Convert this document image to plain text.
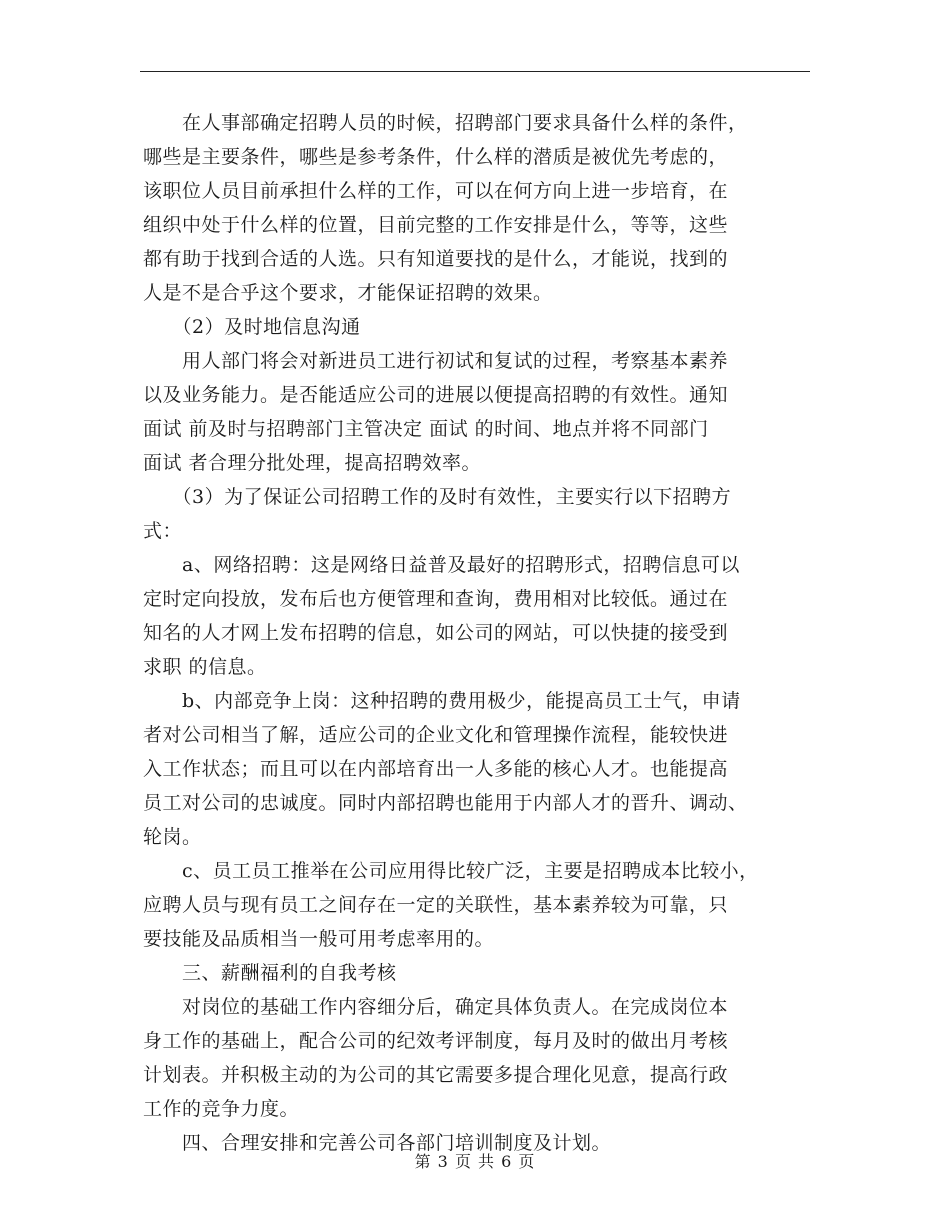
　　在人事部确定招聘人员的时候，招聘部门要求具备什么样的条件，
哪些是主要条件，哪些是参考条件，什么样的潜质是被优先考虑的，
该职位人员目前承担什么样的工作，可以在何方向上进一步培育，在
组织中处于什么样的位置，目前完整的工作安排是什么，等等，这些
都有助于找到合适的人选。只有知道要找的是什么，才能说，找到的
人是不是合乎这个要求，才能保证招聘的效果。
　　（2）及时地信息沟通
　　用人部门将会对新进员工进行初试和复试的过程，考察基本素养
以及业务能力。是否能适应公司的进展以便提高招聘的有效性。通知
面试 前及时与招聘部门主管决定 面试 的时间、地点并将不同部门
面试 者合理分批处理，提高招聘效率。
　　（3）为了保证公司招聘工作的及时有效性，主要实行以下招聘方
式：
　　a、网络招聘：这是网络日益普及最好的招聘形式，招聘信息可以
定时定向投放，发布后也方便管理和查询，费用相对比较低。通过在
知名的人才网上发布招聘的信息，如公司的网站，可以快捷的接受到
求职 的信息。
　　b、内部竞争上岗：这种招聘的费用极少，能提高员工士气，申请
者对公司相当了解，适应公司的企业文化和管理操作流程，能较快进
入工作状态；而且可以在内部培育出一人多能的核心人才。也能提高
员工对公司的忠诚度。同时内部招聘也能用于内部人才的晋升、调动、
轮岗。
　　c、员工员工推举在公司应用得比较广泛，主要是招聘成本比较小，
应聘人员与现有员工之间存在一定的关联性，基本素养较为可靠，只
要技能及品质相当一般可用考虑率用的。
　　三、薪酬福利的自我考核
　　对岗位的基础工作内容细分后，确定具体负责人。在完成岗位本
身工作的基础上，配合公司的纪效考评制度，每月及时的做出月考核
计划表。并积极主动的为公司的其它需要多提合理化见意，提高行政
工作的竞争力度。
　　四、合理安排和完善公司各部门培训制度及计划。
第 3 页 共 6 页
